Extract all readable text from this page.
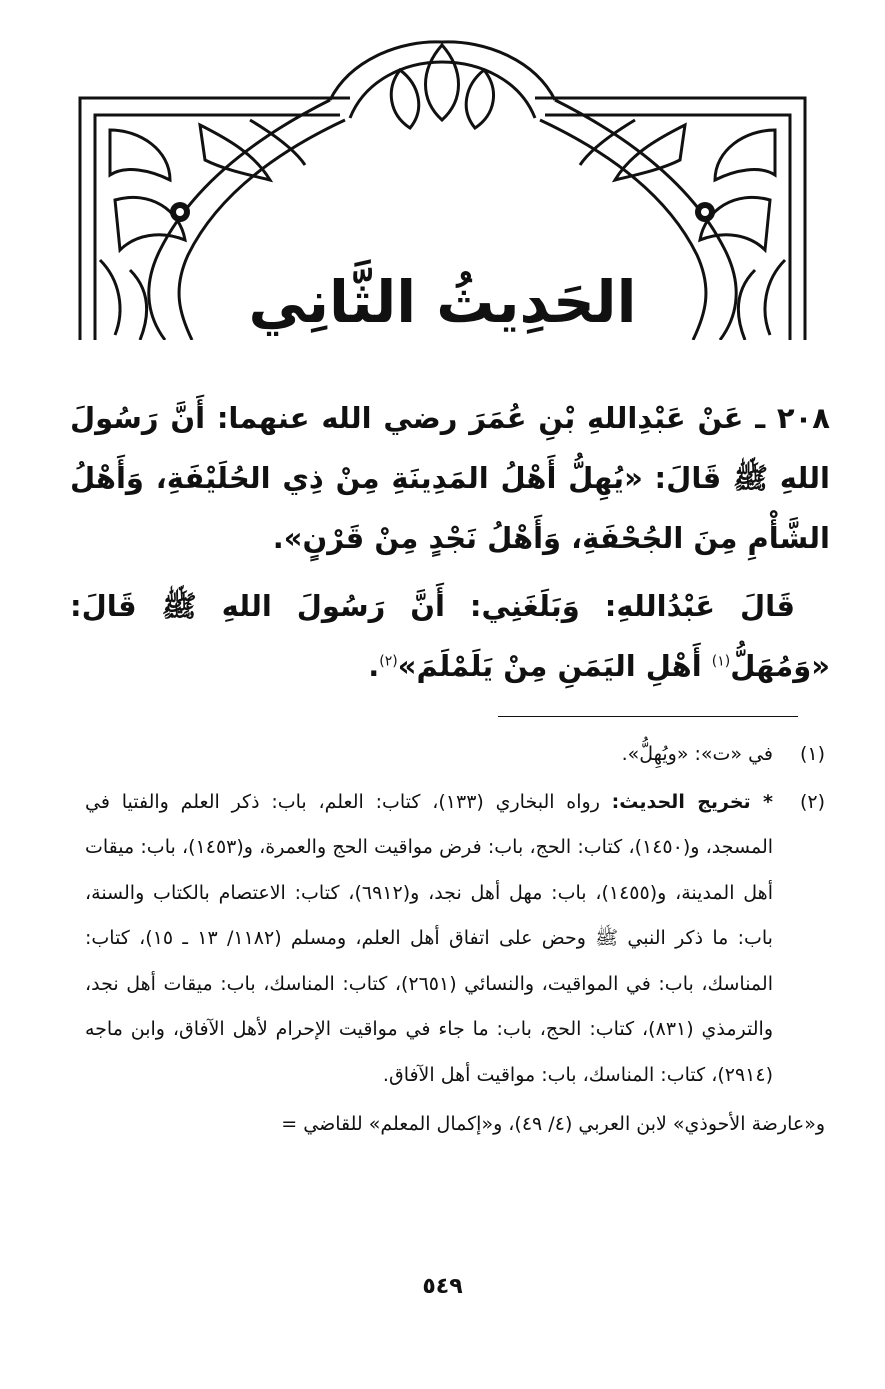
الحَدِيثُ الثَّانِي

٢٠٨ ـ عَنْ عَبْدِاللهِ بْنِ عُمَرَ رضي الله عنهما: أَنَّ رَسُولَ اللهِ ﷺ قَالَ: «يُهِلُّ أَهْلُ المَدِينَةِ مِنْ ذِي الحُلَيْفَةِ، وَأَهْلُ الشَّأْمِ مِنَ الجُحْفَةِ، وَأَهْلُ نَجْدٍ مِنْ قَرْنٍ».

قَالَ عَبْدُاللهِ: وَبَلَغَنِي: أَنَّ رَسُولَ اللهِ ﷺ قَالَ: «وَمُهَلُّ$^{(١)}$ أَهْلِ اليَمَنِ مِنْ يَلَمْلَمَ»$^{(٢)}$.

(١)
في «ت»: «ويُهِلُّ».
(٢)
* تخريج الحديث: رواه البخاري (١٣٣)، كتاب: العلم، باب: ذكر العلم والفتيا في المسجد، و(١٤٥٠)، كتاب: الحج، باب: فرض مواقيت الحج والعمرة، و(١٤٥٣)، باب: ميقات أهل المدينة، و(١٤٥٥)، باب: مهل أهل نجد، و(٦٩١٢)، كتاب: الاعتصام بالكتاب والسنة، باب: ما ذكر النبي ﷺ وحض على اتفاق أهل العلم، ومسلم (١١٨٢/ ١٣ ـ ١٥)، كتاب: المناسك، باب: في المواقيت، والنسائي (٢٦٥١)، كتاب: المناسك، باب: ميقات أهل نجد، والترمذي (٨٣١)، كتاب: الحج، باب: ما جاء في مواقيت الإحرام لأهل الآفاق، وابن ماجه (٢٩١٤)، كتاب: المناسك، باب: مواقيت أهل الآفاق.
و«عارضة الأحوذي» لابن العربي (٤/ ٤٩)، و«إكمال المعلم» للقاضي =
٥٤٩
